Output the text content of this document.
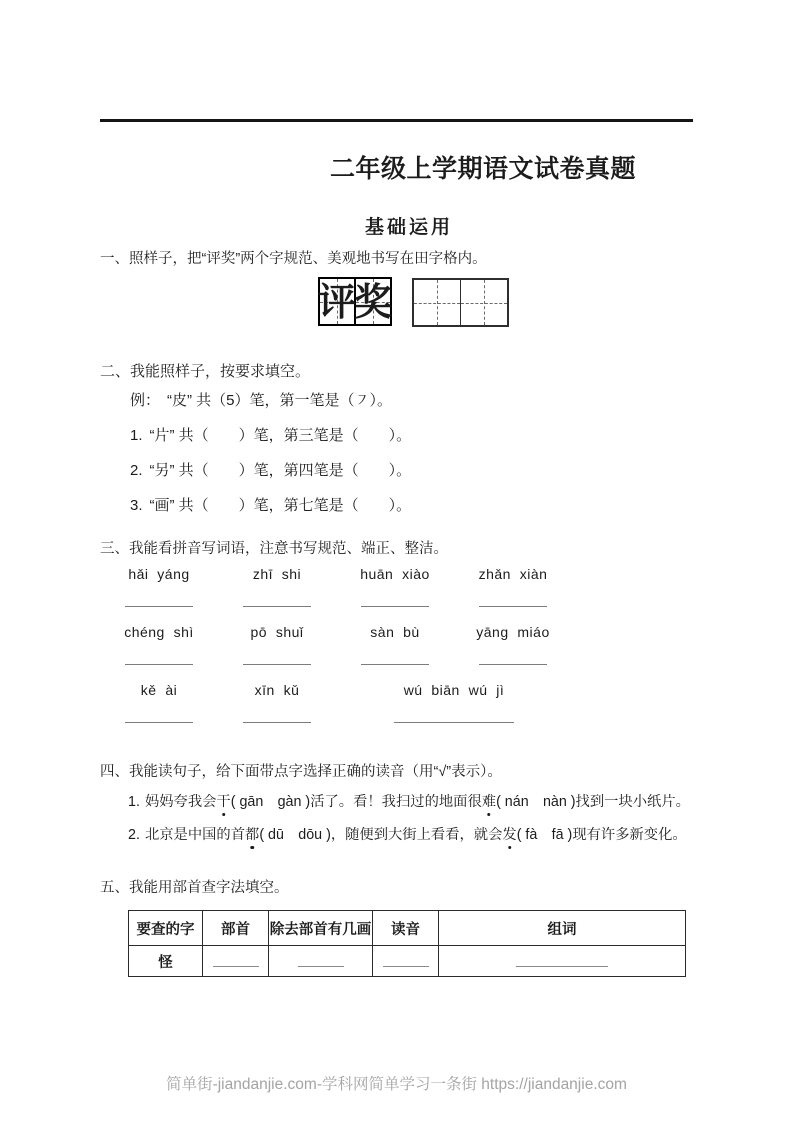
二年级上学期语文试卷真题
基础运用
一、照样子，把“评奖”两个字规范、美观地书写在田字格内。
评
奖
二、我能照样子，按要求填空。
例： “皮” 共（5）笔，第一笔是（㇇）。
1. “片” 共（　　）笔，第三笔是（　　）。
2. “另” 共（　　）笔，第四笔是（　　）。
3. “画” 共（　　）笔，第七笔是（　　）。
三、我能看拼音写词语，注意书写规范、端正、整洁。
hǎi  yáng	zhī  shi	huān  xiào	zhǎn  xiàn
chéng  shì	pō  shuǐ	sàn  bù	yāng  miáo
kě  ài	xīn  kǔ	wú  biān  wú  jì
四、我能读句子，给下面带点字选择正确的读音（用“√”表示）。
1. 妈妈夸我会干( gān　gàn )活了。看！我扫过的地面很难( nán　nàn )找到一块小纸片。
2. 北京是中国的首都( dū　dōu )，随便到大街上看看，就会发( fà　fā )现有许多新变化。
五、我能用部首查字法填空。
要查的字	部首	除去部首有几画	读音	组词
怪				
简单街-jiandanjie.com-学科网简单学习一条街 https://jiandanjie.com
